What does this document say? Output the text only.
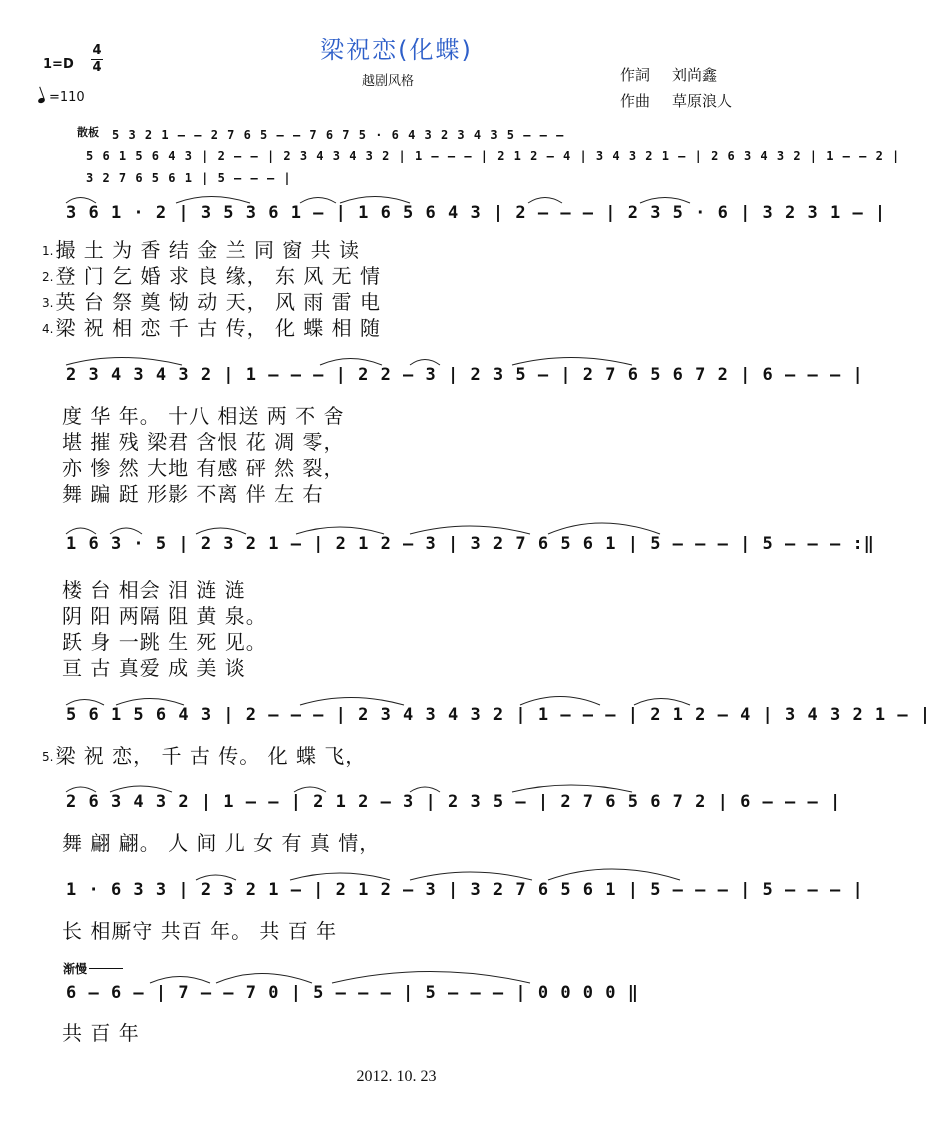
梁祝恋(化蝶)
越剧风格	作詞 刘尚鑫
作曲 草原浪人
1=D
4
4
=110
散板 5 3 2 1 — — 2 7 6 5 — — 7 6 7 5 · 6 4 3 2 3 4 3 5 — — —
5 6 1 5 6 4 3 | 2 — — | 2 3 4 3 4 3 2 | 1 — — — | 2 1 2 — 4 | 3 4 3 2 1 — | 2 6 3 4 3 2 | 1 — — 2 |
3 2 7 6 5 6 1 | 5 — — — |
3 6 1 · 2 | 3 5 3 6 1 — | 1 6 5 6 4 3 | 2 — — — | 2 3 5 · 6 | 3 2 3 1 — |
1. 撮 土 为 香 结 金 兰 同 窗 共 读
2. 登 门 乞 婚 求 良 缘， 东 风 无 情
3. 英 台 祭 奠 恸 动 天， 风 雨 雷 电
4. 梁 祝 相 恋 千 古 传， 化 蝶 相 随
2 3 4 3 4 3 2 | 1 — — — | 2 2 — 3 | 2 3 5 — | 2 7 6 5 6 7 2 | 6 — — — |
度 华 年。 十八 相送 两 不 舍
堪 摧 残 梁君 含恨 花 凋 零，
亦 惨 然 大地 有感 砰 然 裂，
舞 蹁 跹 形影 不离 伴 左 右
1 6 3 · 5 | 2 3 2 1 — | 2 1 2 — 3 | 3 2 7 6 5 6 1 | 5 — — — | 5 — — — :‖
楼 台 相会 泪 涟 涟
阴 阳 两隔 阻 黄 泉。
跃 身 一跳 生 死 见。
亘 古 真爱 成 美 谈
5 6 1 5 6 4 3 | 2 — — — | 2 3 4 3 4 3 2 | 1 — — — | 2 1 2 — 4 | 3 4 3 2 1 — |
5. 梁 祝 恋， 千 古 传。 化 蝶 飞，
2 6 3 4 3 2 | 1 — — | 2 1 2 — 3 | 2 3 5 — | 2 7 6 5 6 7 2 | 6 — — — |
舞 翩 翩。 人 间 儿 女 有 真 情，
1 · 6 3 3 | 2 3 2 1 — | 2 1 2 — 3 | 3 2 7 6 5 6 1 | 5 — — — | 5 — — — |
长 相厮守 共百 年。 共 百 年
渐慢
6 — 6 — | 7 — — 7 0 | 5 — — — | 5 — — — | 0 0 0 0 ‖
共 百 年
2012. 10. 23
